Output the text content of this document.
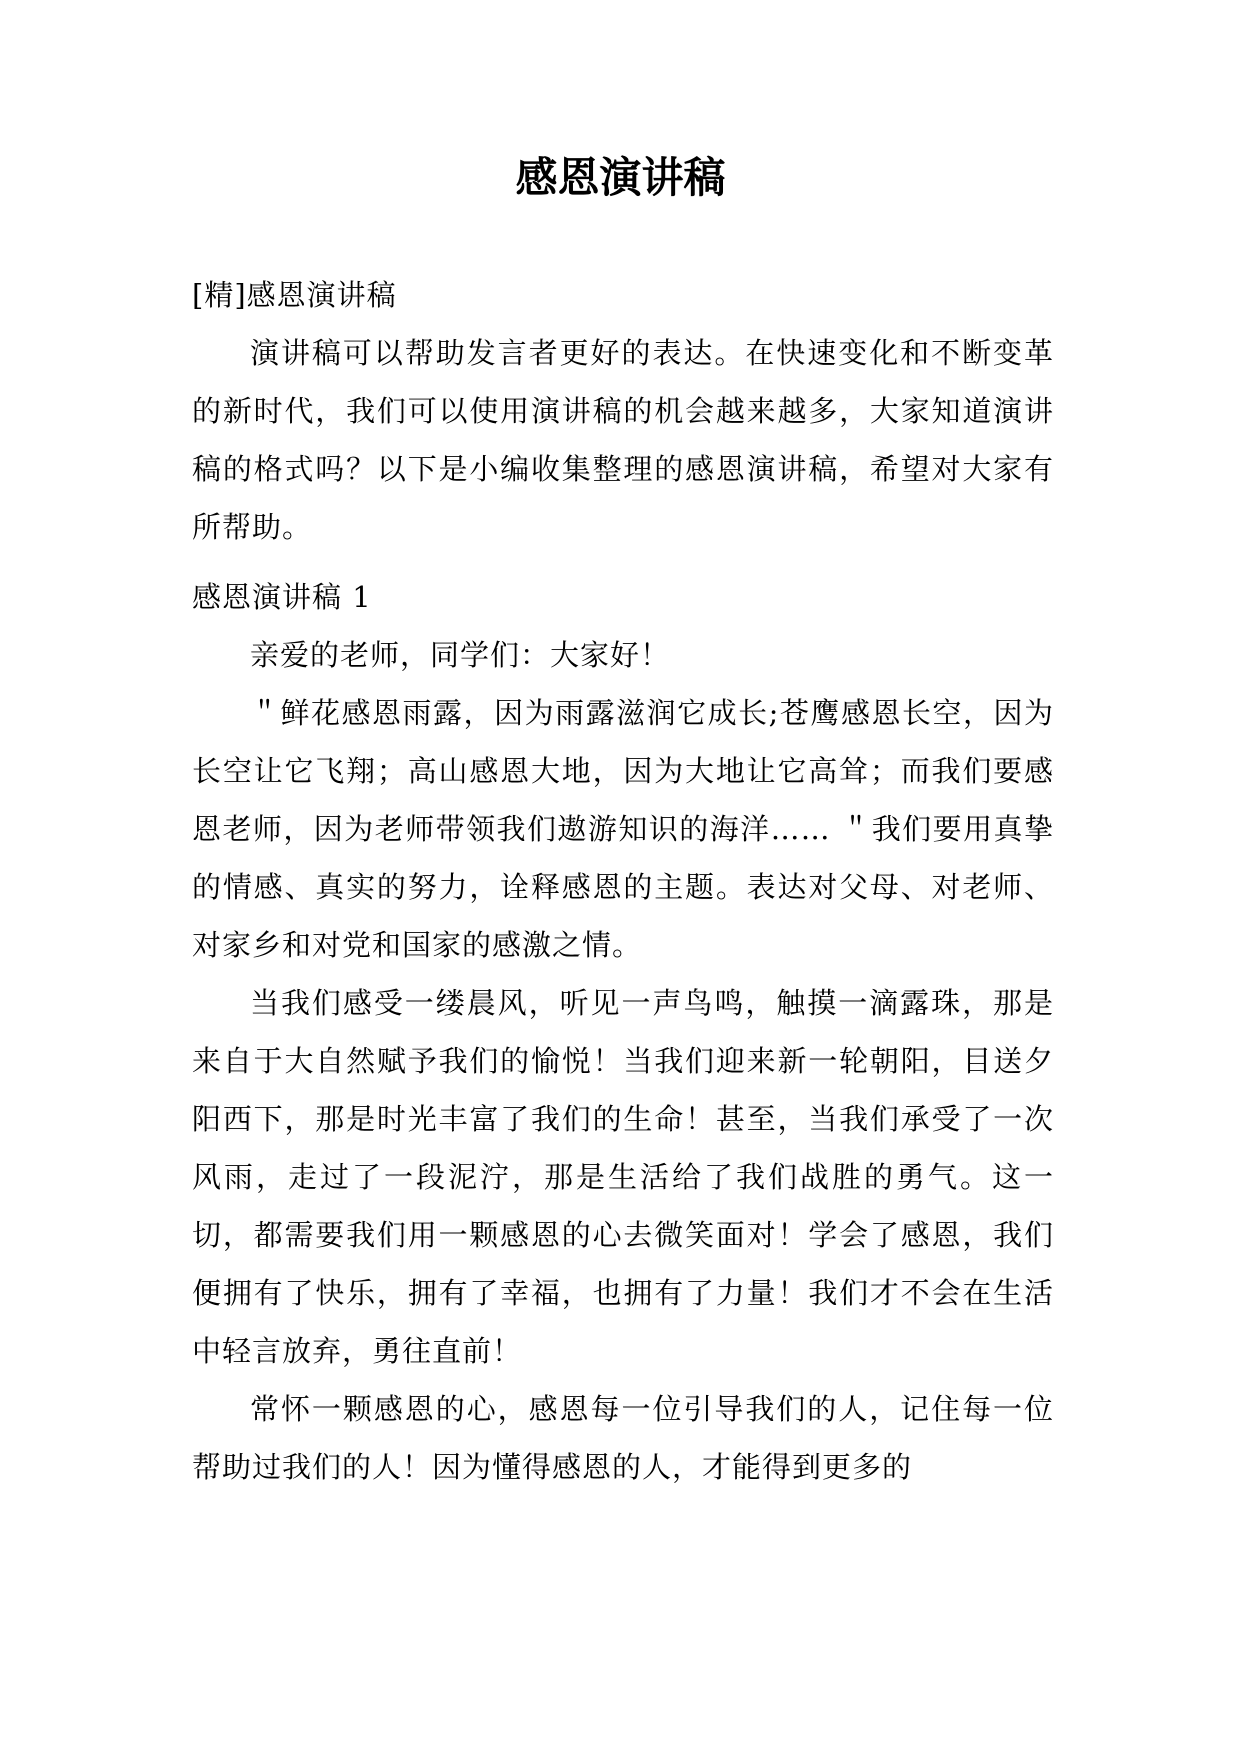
感恩演讲稿

[精]感恩演讲稿

演讲稿可以帮助发言者更好的表达。在快速变化和不断变革的新时代，我们可以使用演讲稿的机会越来越多，大家知道演讲稿的格式吗？以下是小编收集整理的感恩演讲稿，希望对大家有所帮助。

感恩演讲稿 1

亲爱的老师，同学们：大家好！

＂鲜花感恩雨露，因为雨露滋润它成长;苍鹰感恩长空，因为长空让它飞翔；高山感恩大地，因为大地让它高耸；而我们要感恩老师，因为老师带领我们遨游知识的海洋…… ＂我们要用真挚的情感、真实的努力，诠释感恩的主题。表达对父母、对老师、对家乡和对党和国家的感激之情。

当我们感受一缕晨风，听见一声鸟鸣，触摸一滴露珠，那是来自于大自然赋予我们的愉悦！当我们迎来新一轮朝阳，目送夕阳西下，那是时光丰富了我们的生命！甚至，当我们承受了一次风雨，走过了一段泥泞，那是生活给了我们战胜的勇气。这一切，都需要我们用一颗感恩的心去微笑面对！学会了感恩，我们便拥有了快乐，拥有了幸福，也拥有了力量！我们才不会在生活中轻言放弃，勇往直前！

常怀一颗感恩的心，感恩每一位引导我们的人，记住每一位帮助过我们的人！因为懂得感恩的人，才能得到更多的
